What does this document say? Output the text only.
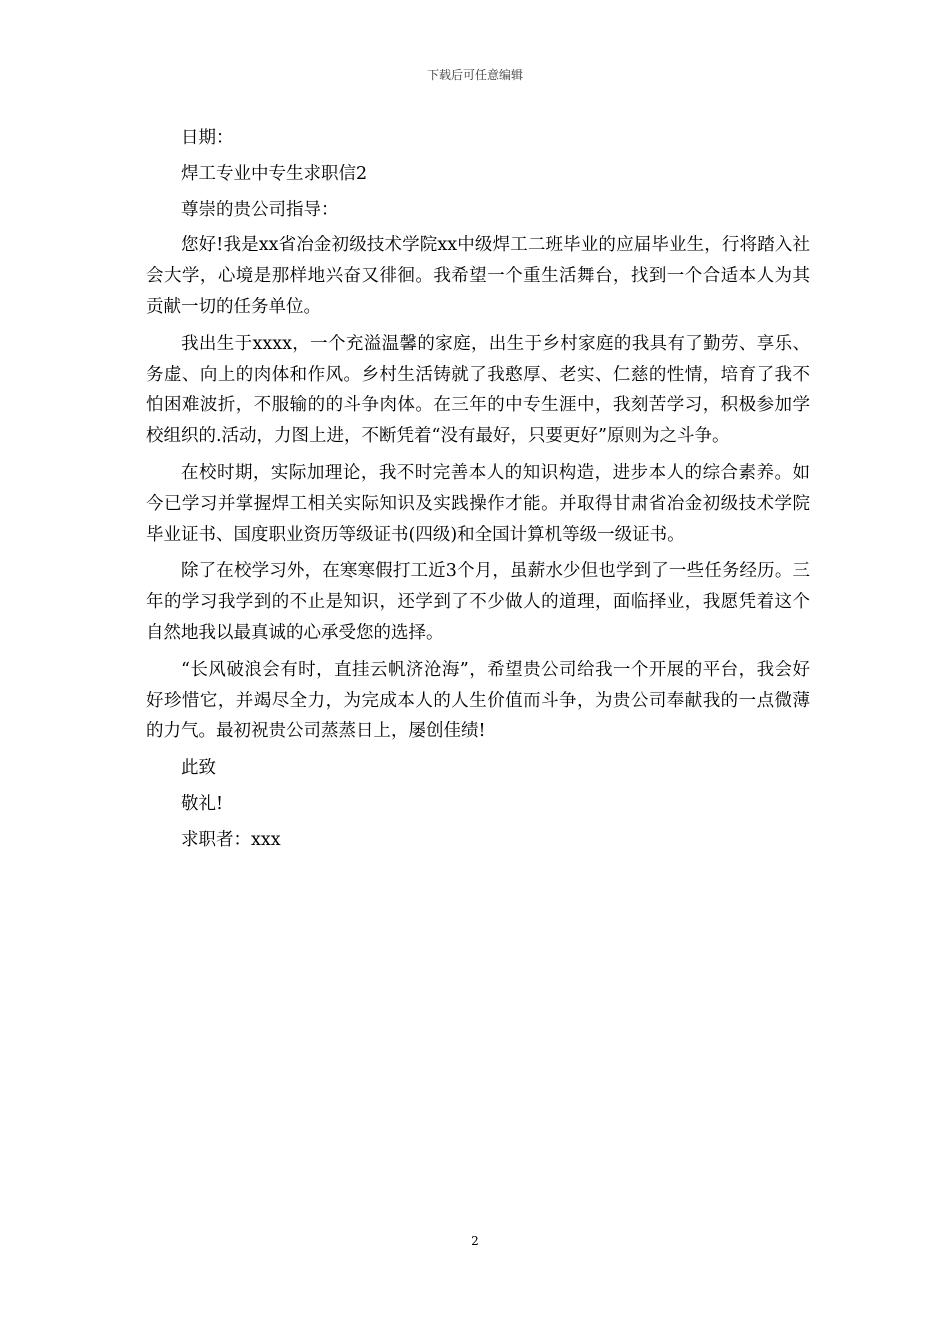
下载后可任意编辑

日期：

焊工专业中专生求职信2

尊崇的贵公司指导：

您好!我是xx省冶金初级技术学院xx中级焊工二班毕业的应届毕业生，行将踏入社会大学，心境是那样地兴奋又徘徊。我希望一个重生活舞台，找到一个合适本人为其贡献一切的任务单位。

我出生于xxxx，一个充溢温馨的家庭，出生于乡村家庭的我具有了勤劳、享乐、务虚、向上的肉体和作风。乡村生活铸就了我憨厚、老实、仁慈的性情，培育了我不怕困难波折，不服输的的斗争肉体。在三年的中专生涯中，我刻苦学习，积极参加学校组织的.活动，力图上进，不断凭着“没有最好，只要更好”原则为之斗争。

在校时期，实际加理论，我不时完善本人的知识构造，进步本人的综合素养。如今已学习并掌握焊工相关实际知识及实践操作才能。并取得甘肃省冶金初级技术学院毕业证书、国度职业资历等级证书(四级)和全国计算机等级一级证书。

除了在校学习外，在寒寒假打工近3个月，虽薪水少但也学到了一些任务经历。三年的学习我学到的不止是知识，还学到了不少做人的道理，面临择业，我愿凭着这个自然地我以最真诚的心承受您的选择。

“长风破浪会有时，直挂云帆济沧海”，希望贵公司给我一个开展的平台，我会好好珍惜它，并竭尽全力，为完成本人的人生价值而斗争，为贵公司奉献我的一点微薄的力气。最初祝贵公司蒸蒸日上，屡创佳绩!

此致

敬礼!

求职者：xxx

2
